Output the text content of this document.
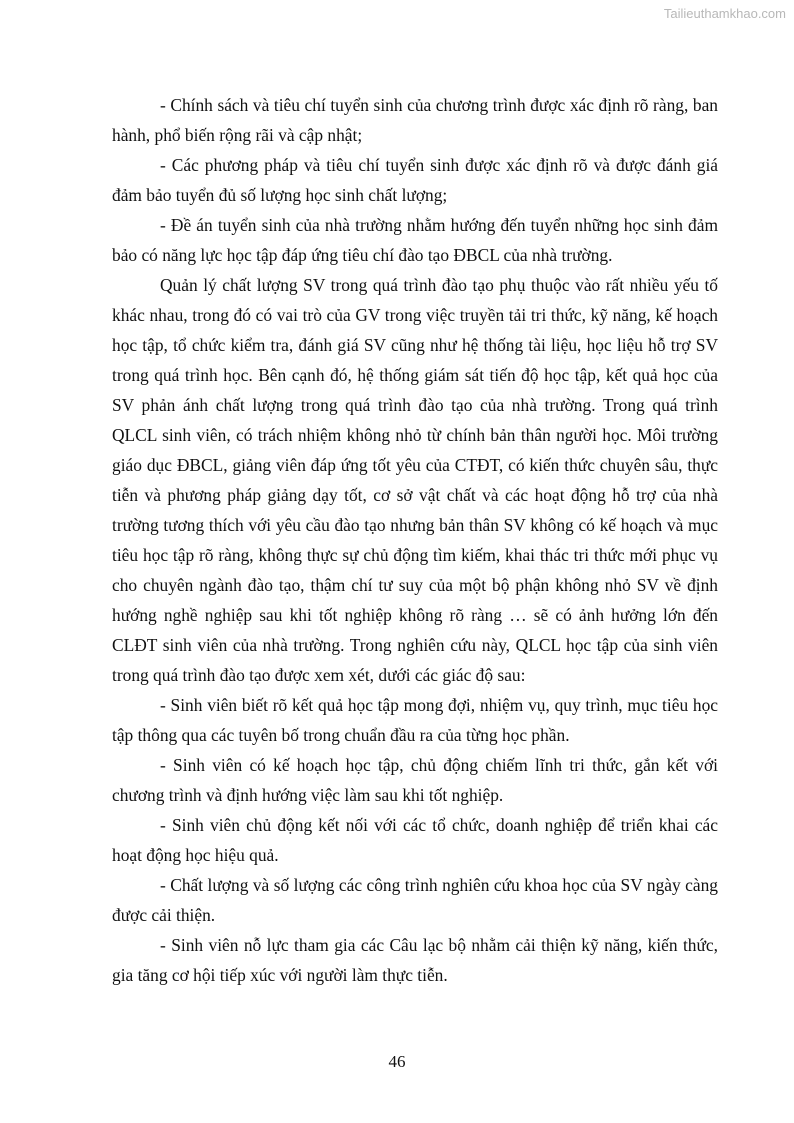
Tailieuthamkhao.com

- Chính sách và tiêu chí tuyển sinh của chương trình được xác định rõ ràng, ban hành, phổ biến rộng rãi và cập nhật;

- Các phương pháp và tiêu chí tuyển sinh được xác định rõ và được đánh giá đảm bảo tuyển đủ số lượng học sinh chất lượng;

- Đề án tuyển sinh của nhà trường nhằm hướng đến tuyển những học sinh đảm bảo có năng lực học tập đáp ứng tiêu chí đào tạo ĐBCL của nhà trường.

Quản lý chất lượng SV trong quá trình đào tạo phụ thuộc vào rất nhiều yếu tố khác nhau, trong đó có vai trò của GV trong việc truyền tải tri thức, kỹ năng, kế hoạch học tập, tổ chức kiểm tra, đánh giá SV cũng như hệ thống tài liệu, học liệu hỗ trợ SV trong quá trình học. Bên cạnh đó, hệ thống giám sát tiến độ học tập, kết quả học của SV phản ánh chất lượng trong quá trình đào tạo của nhà trường. Trong quá trình QLCL sinh viên, có trách nhiệm không nhỏ từ chính bản thân người học. Môi trường giáo dục ĐBCL, giảng viên đáp ứng tốt yêu của CTĐT, có kiến thức chuyên sâu, thực tiễn và phương pháp giảng dạy tốt, cơ sở vật chất và các hoạt động hỗ trợ của nhà trường tương thích với yêu cầu đào tạo nhưng bản thân SV không có kế hoạch và mục tiêu học tập rõ ràng, không thực sự chủ động tìm kiếm, khai thác tri thức mới phục vụ cho chuyên ngành đào tạo, thậm chí tư suy của một bộ phận không nhỏ SV về định hướng nghề nghiệp sau khi tốt nghiệp không rõ ràng … sẽ có ảnh hưởng lớn đến CLĐT sinh viên của nhà trường. Trong nghiên cứu này, QLCL học tập của sinh viên trong quá trình đào tạo được xem xét, dưới các giác độ sau:

- Sinh viên biết rõ kết quả học tập mong đợi, nhiệm vụ, quy trình, mục tiêu học tập thông qua các tuyên bố trong chuẩn đầu ra của từng học phần.

- Sinh viên có kế hoạch học tập, chủ động chiếm lĩnh tri thức, gắn kết với chương trình và định hướng việc làm sau khi tốt nghiệp.

- Sinh viên chủ động kết nối với các tổ chức, doanh nghiệp để triển khai các hoạt động học hiệu quả.

- Chất lượng và số lượng các công trình nghiên cứu khoa học của SV ngày càng được cải thiện.

- Sinh viên nỗ lực tham gia các Câu lạc bộ nhằm cải thiện kỹ năng, kiến thức, gia tăng cơ hội tiếp xúc với người làm thực tiễn.

46
